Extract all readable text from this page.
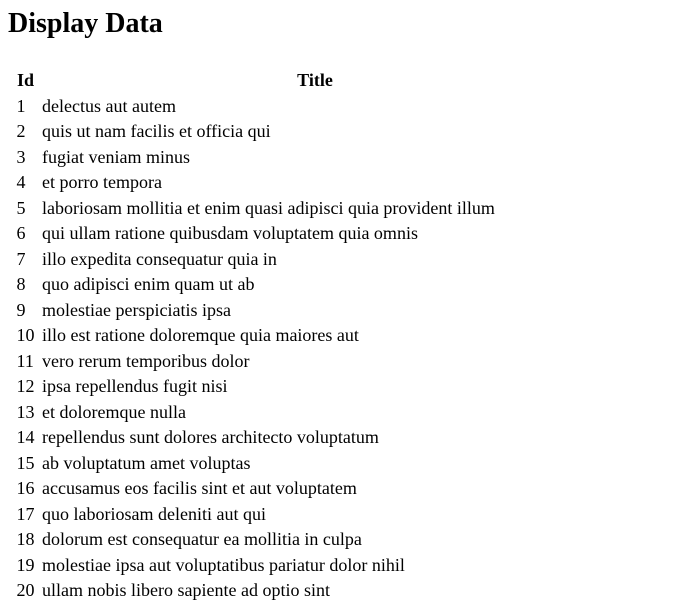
Display Data
Id	Title
1	delectus aut autem
2	quis ut nam facilis et officia qui
3	fugiat veniam minus
4	et porro tempora
5	laboriosam mollitia et enim quasi adipisci quia provident illum
6	qui ullam ratione quibusdam voluptatem quia omnis
7	illo expedita consequatur quia in
8	quo adipisci enim quam ut ab
9	molestiae perspiciatis ipsa
10	illo est ratione doloremque quia maiores aut
11	vero rerum temporibus dolor
12	ipsa repellendus fugit nisi
13	et doloremque nulla
14	repellendus sunt dolores architecto voluptatum
15	ab voluptatum amet voluptas
16	accusamus eos facilis sint et aut voluptatem
17	quo laboriosam deleniti aut qui
18	dolorum est consequatur ea mollitia in culpa
19	molestiae ipsa aut voluptatibus pariatur dolor nihil
20	ullam nobis libero sapiente ad optio sint
